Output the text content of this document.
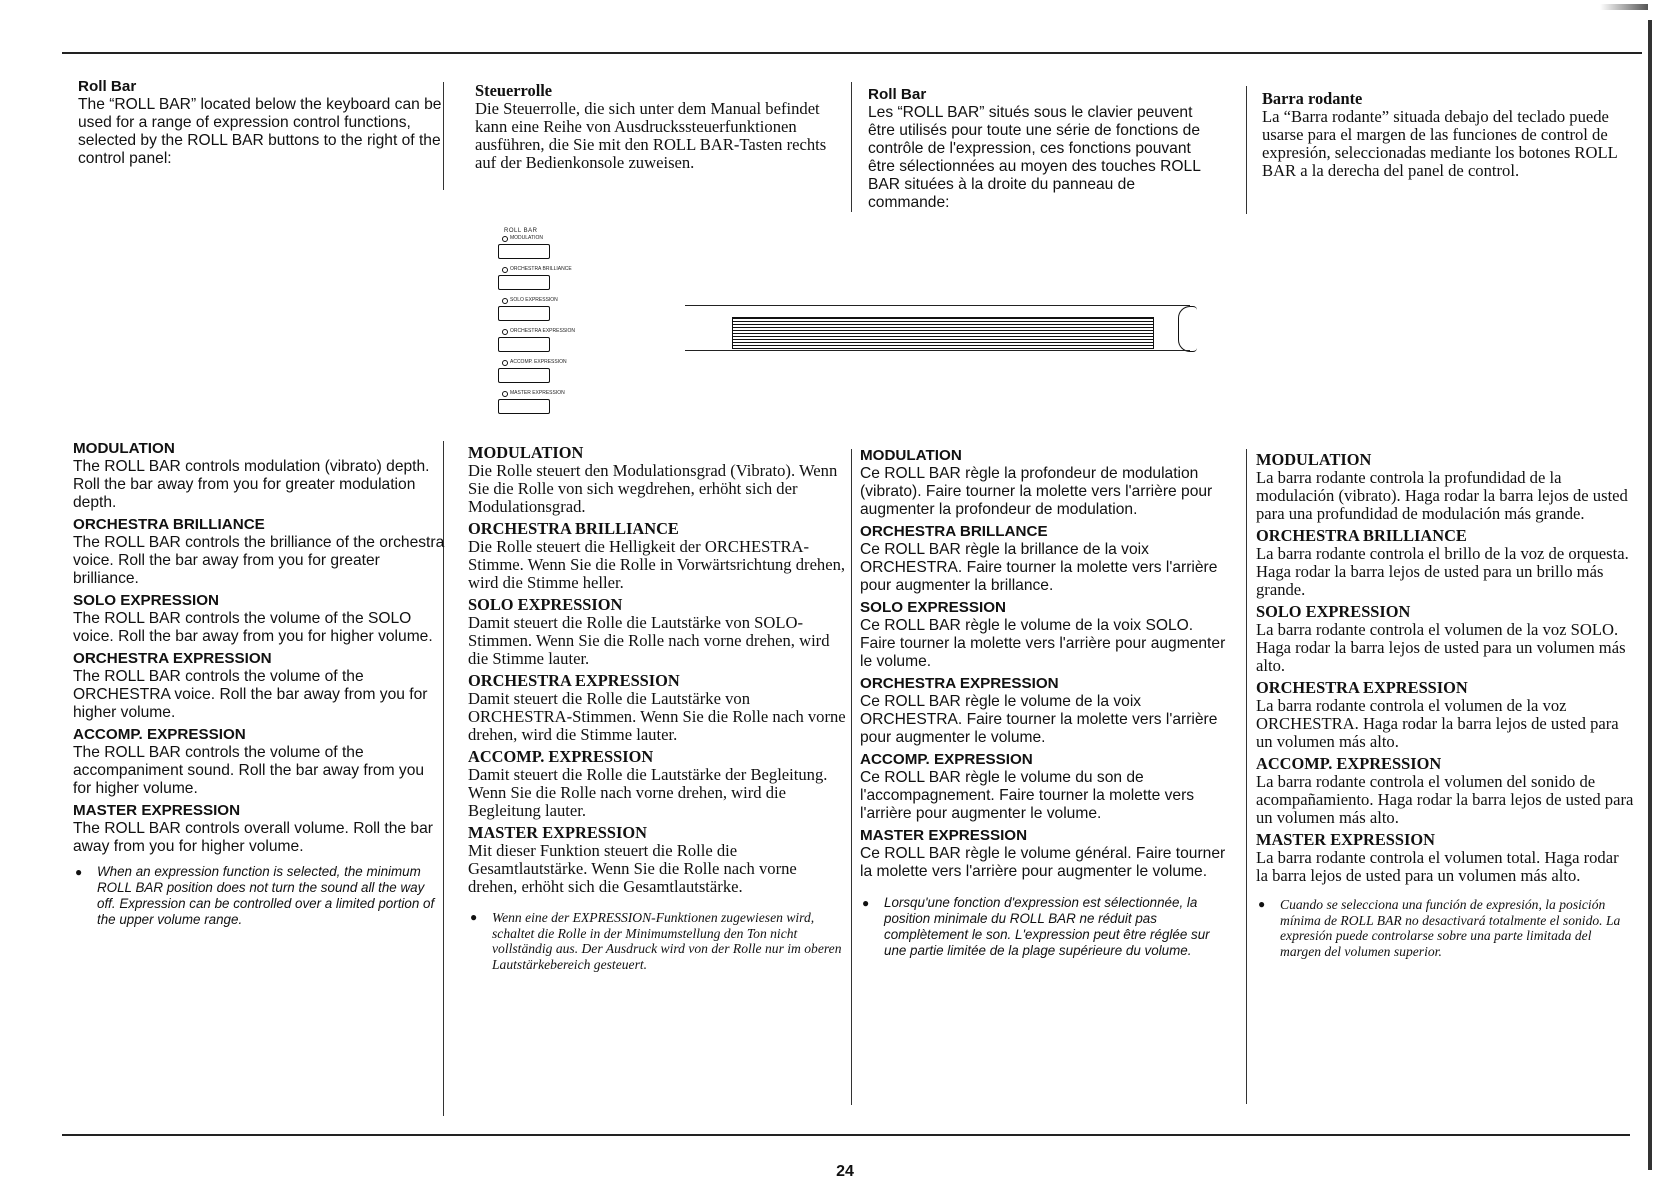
Roll Bar

The “ROLL BAR” located below the keyboard can be used for a range of expression control functions, selected by the ROLL BAR buttons to the right of the control panel:

Steuerrolle

Die Steuerrolle, die sich unter dem Manual befindet kann eine Reihe von Ausdruckssteuerfunktionen ausführen, die Sie mit den ROLL BAR-Tasten rechts auf der Bedienkonsole zuweisen.

Roll Bar

Les “ROLL BAR” situés sous le clavier peuvent être utilisés pour toute une série de fonctions de contrôle de l'expression, ces fonctions pouvant être sélectionnées au moyen des touches ROLL BAR situées à la droite du panneau de commande:

Barra rodante

La “Barra rodante” situada debajo del teclado puede usarse para el margen de las funciones de control de expresión, seleccionadas mediante los botones ROLL BAR a la derecha del panel de control.

ROLL BAR
MODULATION
ORCHESTRA BRILLIANCE
SOLO EXPRESSION
ORCHESTRA EXPRESSION
ACCOMP. EXPRESSION
MASTER EXPRESSION

MODULATION

The ROLL BAR controls modulation (vibrato) depth. Roll the bar away from you for greater modulation depth.

ORCHESTRA BRILLIANCE

The ROLL BAR controls the brilliance of the orchestra voice. Roll the bar away from you for greater brilliance.

SOLO EXPRESSION

The ROLL BAR controls the volume of the SOLO voice. Roll the bar away from you for higher volume.

ORCHESTRA EXPRESSION

The ROLL BAR controls the volume of the ORCHESTRA voice. Roll the bar away from you for higher volume.

ACCOMP. EXPRESSION

The ROLL BAR controls the volume of the accompaniment sound. Roll the bar away from you for higher volume.

MASTER EXPRESSION

The ROLL BAR controls overall volume. Roll the bar away from you for higher volume.

●	When an expression function is selected, the minimum ROLL BAR position does not turn the sound all the way off. Expression can be controlled over a limited portion of the upper volume range.

MODULATION

Die Rolle steuert den Modulationsgrad (Vibrato). Wenn Sie die Rolle von sich wegdrehen, erhöht sich der Modulationsgrad.

ORCHESTRA BRILLIANCE

Die Rolle steuert die Helligkeit der ORCHESTRA-Stimme. Wenn Sie die Rolle in Vorwärtsrichtung drehen, wird die Stimme heller.

SOLO EXPRESSION

Damit steuert die Rolle die Lautstärke von SOLO-Stimmen. Wenn Sie die Rolle nach vorne drehen, wird die Stimme lauter.

ORCHESTRA EXPRESSION

Damit steuert die Rolle die Lautstärke von ORCHESTRA-Stimmen. Wenn Sie die Rolle nach vorne drehen, wird die Stimme lauter.

ACCOMP. EXPRESSION

Damit steuert die Rolle die Lautstärke der Begleitung. Wenn Sie die Rolle nach vorne drehen, wird die Begleitung lauter.

MASTER EXPRESSION

Mit dieser Funktion steuert die Rolle die Gesamtlautstärke. Wenn Sie die Rolle nach vorne drehen, erhöht sich die Gesamtlautstärke.

●	Wenn eine der EXPRESSION-Funktionen zugewiesen wird, schaltet die Rolle in der Minimumstellung den Ton nicht vollständig aus. Der Ausdruck wird von der Rolle nur im oberen Lautstärkebereich gesteuert.

MODULATION

Ce ROLL BAR règle la profondeur de modulation (vibrato). Faire tourner la molette vers l'arrière pour augmenter la profondeur de modulation.

ORCHESTRA BRILLANCE

Ce ROLL BAR règle la brillance de la voix ORCHESTRA. Faire tourner la molette vers l'arrière pour augmenter la brillance.

SOLO EXPRESSION

Ce ROLL BAR règle le volume de la voix SOLO. Faire tourner la molette vers l'arrière pour augmenter le volume.

ORCHESTRA EXPRESSION

Ce ROLL BAR règle le volume de la voix ORCHESTRA. Faire tourner la molette vers l'arrière pour augmenter le volume.

ACCOMP. EXPRESSION

Ce ROLL BAR règle le volume du son de l'accompagnement. Faire tourner la molette vers l'arrière pour augmenter le volume.

MASTER EXPRESSION

Ce ROLL BAR règle le volume général. Faire tourner la molette vers l'arrière pour augmenter le volume.

●	Lorsqu'une fonction d'expression est sélectionnée, la position minimale du ROLL BAR ne réduit pas complètement le son. L'expression peut être réglée sur une partie limitée de la plage supérieure du volume.

MODULATION

La barra rodante controla la profundidad de la modulación (vibrato). Haga rodar la barra lejos de usted para una profundidad de modulación más grande.

ORCHESTRA BRILLIANCE

La barra rodante controla el brillo de la voz de orquesta. Haga rodar la barra lejos de usted para un brillo más grande.

SOLO EXPRESSION

La barra rodante controla el volumen de la voz SOLO. Haga rodar la barra lejos de usted para un volumen más alto.

ORCHESTRA EXPRESSION

La barra rodante controla el volumen de la voz ORCHESTRA. Haga rodar la barra lejos de usted para un volumen más alto.

ACCOMP. EXPRESSION

La barra rodante controla el volumen del sonido de acompañamiento. Haga rodar la barra lejos de usted para un volumen más alto.

MASTER EXPRESSION

La barra rodante controla el volumen total. Haga rodar la barra lejos de usted para un volumen más alto.

●	Cuando se selecciona una función de expresión, la posición mínima de ROLL BAR no desactivará totalmente el sonido. La expresión puede controlarse sobre una parte limitada del margen del volumen superior.
24
